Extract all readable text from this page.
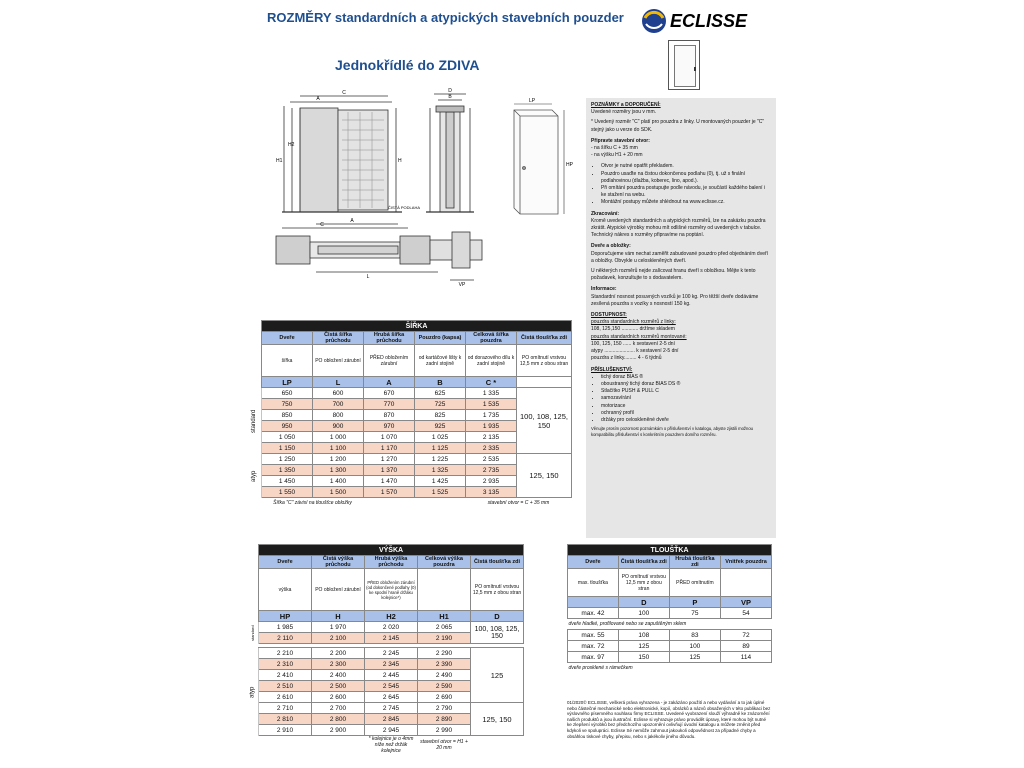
ROZMĚRY standardních a atypických stavebních pouzder	ECLISSE
Jednokřídlé do ZDIVA
C
A
H1
H2
H
ČISTÁ PODLAHA
D
B
LP
HP
A
C
L
VP
POZNÁMKY a DOPORUČENÍ:
Uvedené rozměry jsou v mm.
* Uvedený rozměr "C" platí pro pouzdra z linky. U montovaných pouzder je "C" stejný jako u verze do SDK.
Připravte stavební otvor:
- na šířku C + 35 mm
- na výšku H1 + 20 mm
• Otvor je nutné opatřit překladem.
• Pouzdro usaďte na čistou dokončenou podlahu (0), tj. už s finální podlahovinou (dlažba, koberec, lino, apod.).
• Při omítání pouzdra postupujte podle návodu, je součástí každého balení i ke stažení na webu.
• Montážní postupy můžete shlédnout na www.eclisse.cz.
Zkracování:
Kromě uvedených standardních a atypických rozměrů, lze na zakázku pouzdra zkrátit. Atypické výrobky mohou mít odlišné rozměry od uvedených v tabulce. Technický nákres s rozměry připravíme na poptání.
Dveře a obložky:
Doporučujeme vám nechat zaměřit zabudované pouzdro před objednáním dveří a obložky. Obvykle u celoskleněných dveří.
U některých rozměrů nejde zalícovat hranu dveří s obložkou. Mějte k tento požadavek, konzultujte to s dodavatelem.
Informace:
Standardní nosnost posuvných vozíků je 100 kg. Pro těžší dveře dodáváme zesílená pouzdra s vozíky s nosností 150 kg.
DOSTUPNOST:
pouzdra standardních rozměrů z linky:
108, 125,150 ............ držíme skladem
pouzdra standardních rozměrů montované:
100, 125, 150 ...... k sestavení 2-5 dní
atypy ...................... k sestavení 2-5 dní
pouzdra z linky......... 4 - 6 týdnů
PŘÍSLUŠENSTVÍ:
• tichý doraz BIAS ®
• oboustranný tichý doraz BIAS DS ®
• Stlačítko PUSH & PULL C
• samozavírání
• motorizace
• ochranný profil
• držáky pro celoskleněné dveře
Věnujte prosím pozornost poznámkám o příslušenství v katalogu, abyste zjistili možnou kompatibilitu příslušenství s konkrétním pouzdrem domího rozměru.
	ŠÍŘKA					
	Dveře	Čistá šířka průchodu	Hrubá šířka průchodu	Pouzdro (kapsa)	Celková šířka pouzdra	Čistá tloušťka zdi
	šířka	PO obložení zárubní	PŘED obložením zárubní	od kartáčové lišty k zadní stojině	od dorazového dílu k zadní stojině	PO omítnutí vrstvou 12,5 mm z obou stran
	LP	L	A	B	C *	
standard	650	600	670	625	1 335	100, 108, 125, 150
	750	700	770	725	1 535	
	850	800	870	825	1 735	
	950	900	970	925	1 935	
	1 050	1 000	1 070	1 025	2 135	
	1 150	1 100	1 170	1 125	2 335	
atyp	1 250	1 200	1 270	1 225	2 535	125, 150
	1 350	1 300	1 370	1 325	2 735	
	1 450	1 400	1 470	1 425	2 935	
	1 550	1 500	1 570	1 525	3 135	
	Šířka "C" závisí na tloušťce obložky				stavební otvor = C + 35 mm	
	VÝŠKA				
	Dveře	Čistá výška průchodu	Hrubá výška průchodu	Celková výška pouzdra	Čistá tloušťka zdi
	výška	PO obložení zárubní	PŘED obložením zárubní (od dokončené podlahy (0) ke spodní hraně držáku kolejnice*)		PO omítnutí vrstvou 12,5 mm z obou stran
	HP	H	H2	H1	D
standard	1 985	1 970	2 020	2 065	100, 108, 125, 150
	2 110	2 100	2 145	2 190	

atyp	2 210	2 200	2 245	2 290	125
	2 310	2 300	2 345	2 390	
	2 410	2 400	2 445	2 490	
	2 510	2 500	2 545	2 590	
	2 610	2 600	2 645	2 690	
	2 710	2 700	2 745	2 790	125, 150
	2 810	2 800	2 845	2 890	
	2 910	2 900	2 945	2 990	
			* kolejnice je o 4mm níže než držák kolejnice	stavební otvor = H1 + 20 mm	
TLOUŠŤKA			
Dveře	Čistá tloušťka zdi	Hrubá tloušťka zdi	Vnitřek pouzdra
max. tloušťka	PO omítnutí vrstvou 12,5 mm z obou stran	PŘED omítnutím	
	D	P	VP
max. 42	100	75	54
dveře hladké, profilované nebo se zapuštěným sklem			
max. 55	108	83	72
max. 72	125	100	89
max. 97	150	125	114
dveře prosklené s rámečkem			
01/2020© ECLISSE, veškerá práva vyhrazena - je zakázáno použití a nebo vydávání a to jak úplné nebo částečné mechanické nebo elektronické, kopií, obrázků a názvů obsažených v této publikaci bez výslovného písemného souhlasu firmy ECLISSE. Uvedené vyobrazení slouží výhradně ke znázornění našich produktů a jsou ilustrační. Eclisse si vyhrazuje právo provádět úpravy, které mohou být nutné ke zlepšení výrobků bez předchozího upozornění ovlivňují úvodní katalogu a můžete změnit před kdykoli ve spolupráci. Eclisse Sé nemůže zahrnout jakoukoli odpovědnost za případné chyby a obsáhlou tiskové chyby, přepisu, nebo s jakékoliv jiného důvodu.
